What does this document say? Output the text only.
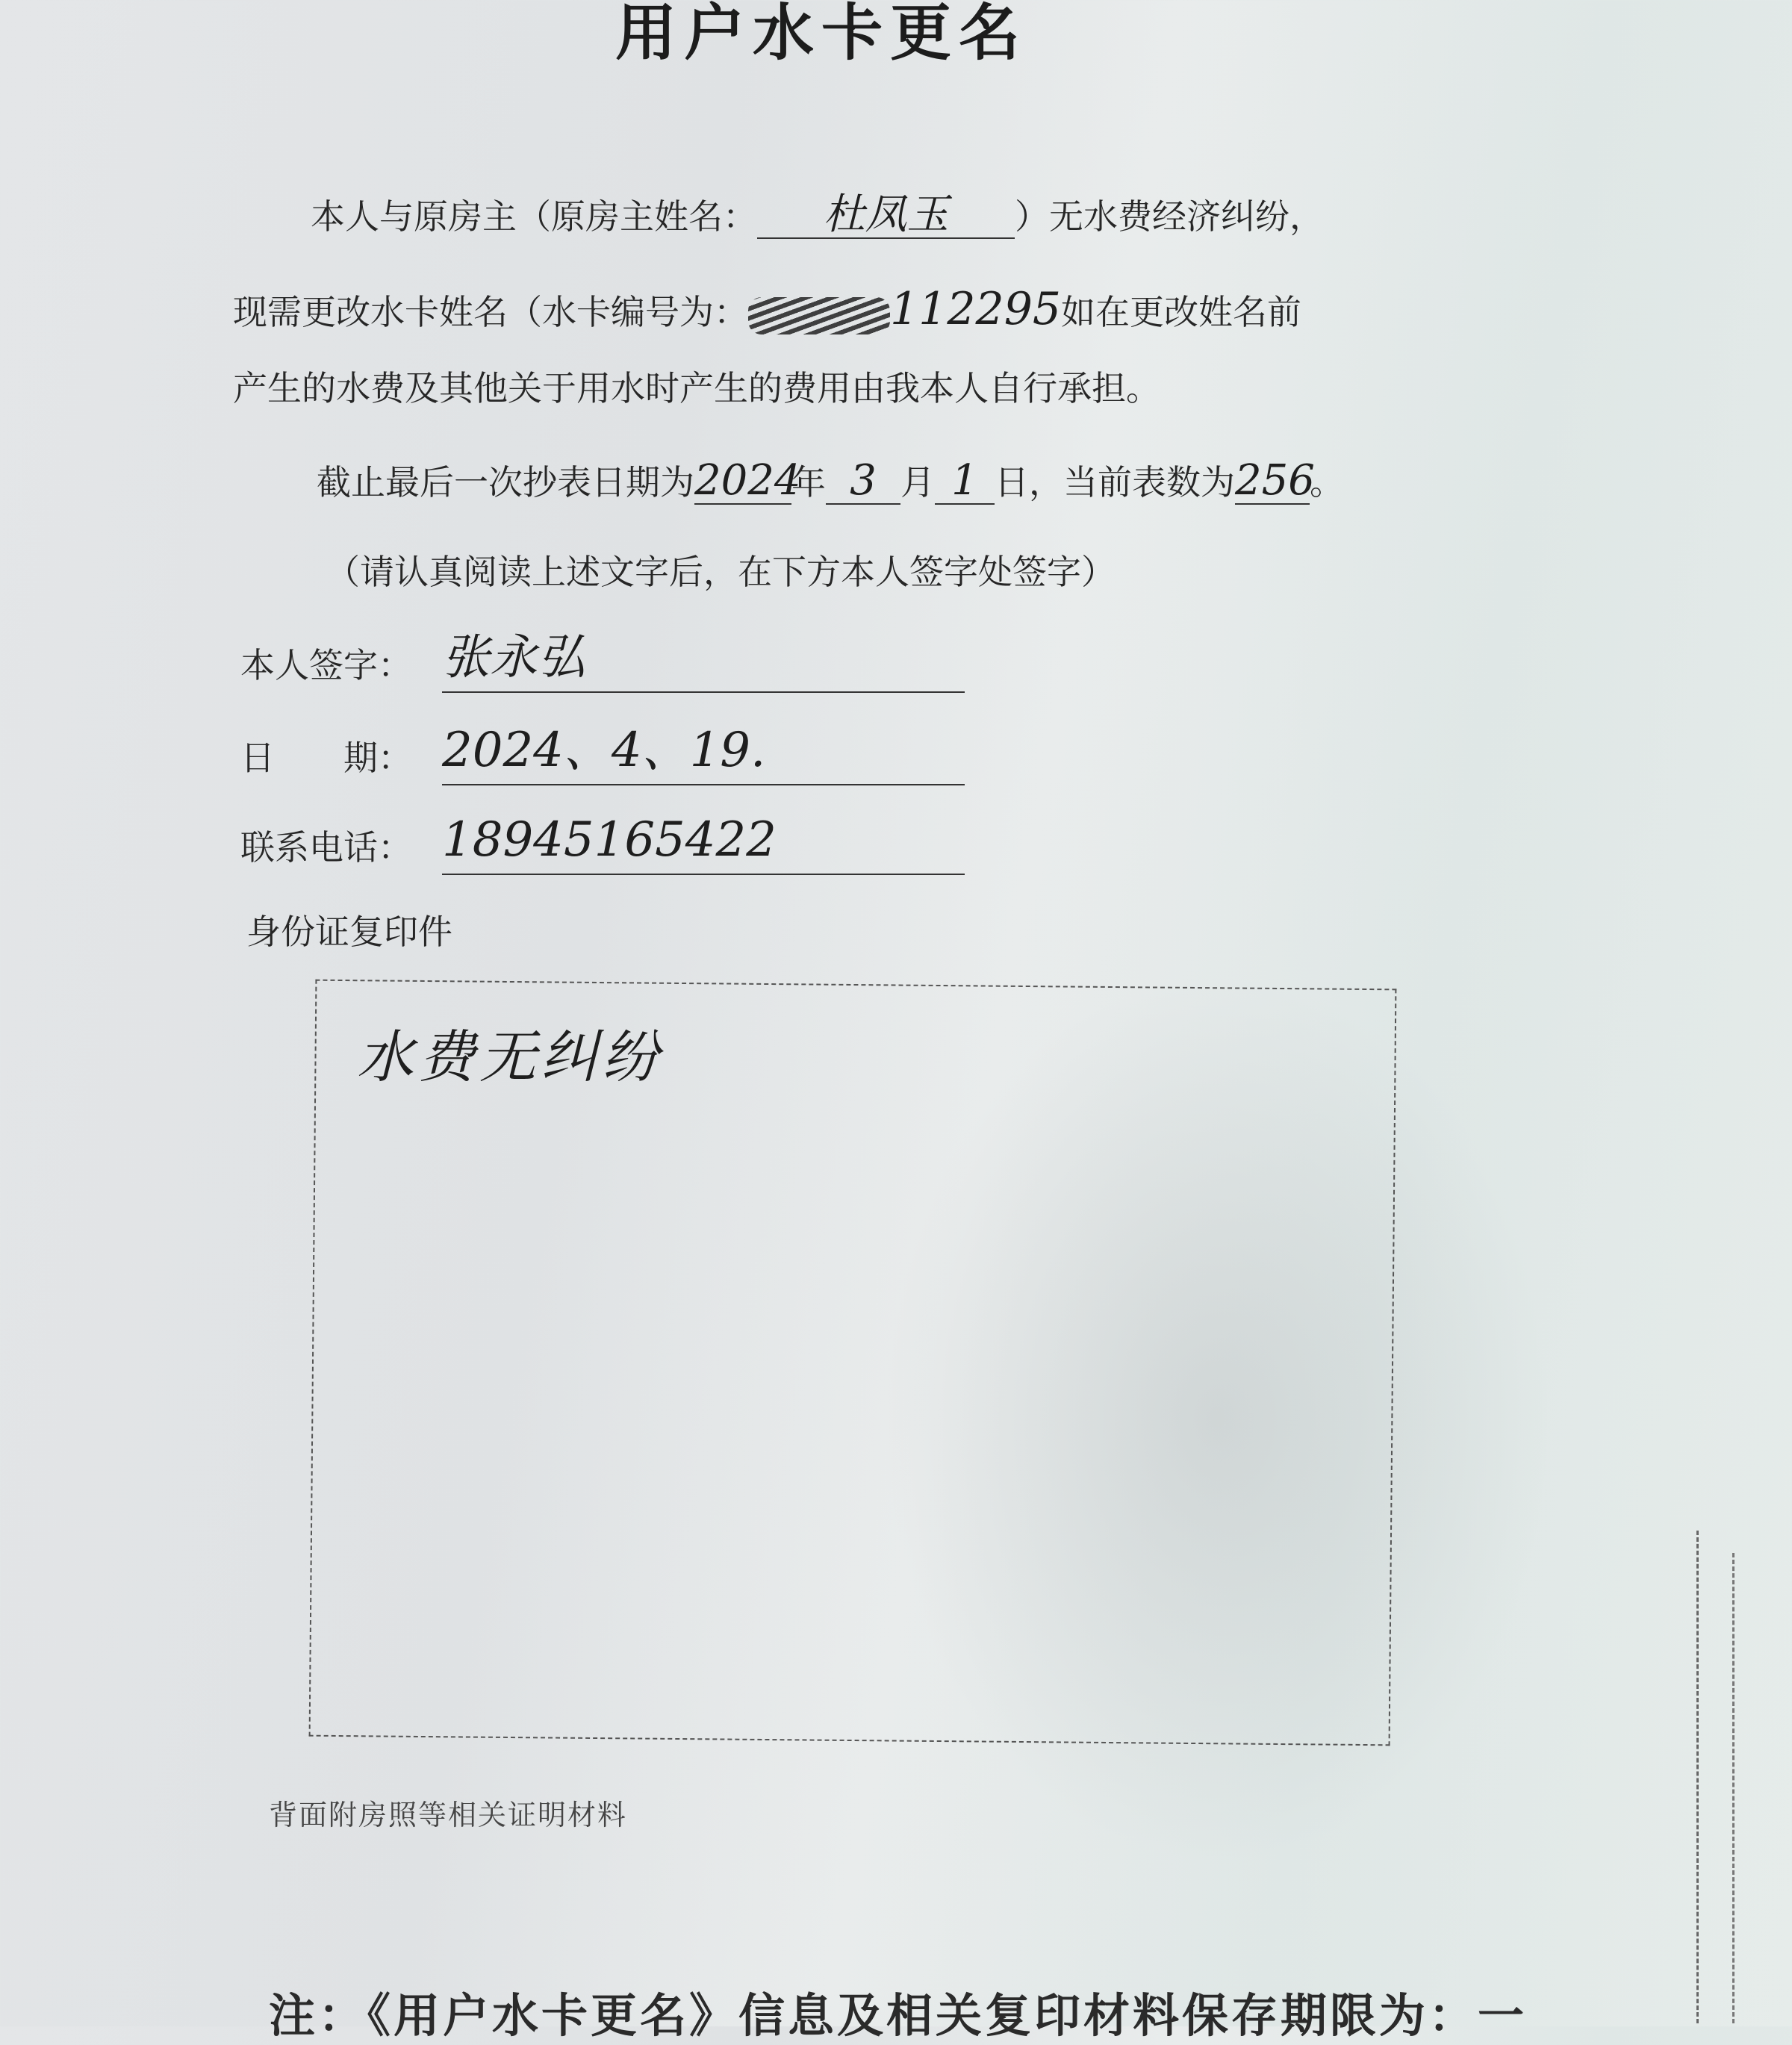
用户水卡更名
本人与原房主（原房主姓名： 杜凤玉 ）无水费经济纠纷，
现需更改水卡姓名（水卡编号为：	112295如在更改姓名前
产生的水费及其他关于用水时产生的费用由我本人自行承担。
截止最后一次抄表日期为2024年 3 月 1 日，当前表数为256。
（请认真阅读上述文字后，在下方本人签字处签字）
本人签字： 张永弘
日　　期： 2024、4、19.
联系电话： 18945165422
身份证复印件
水费无纠纷
背面附房照等相关证明材料
注：《用户水卡更名》信息及相关复印材料保存期限为：一
